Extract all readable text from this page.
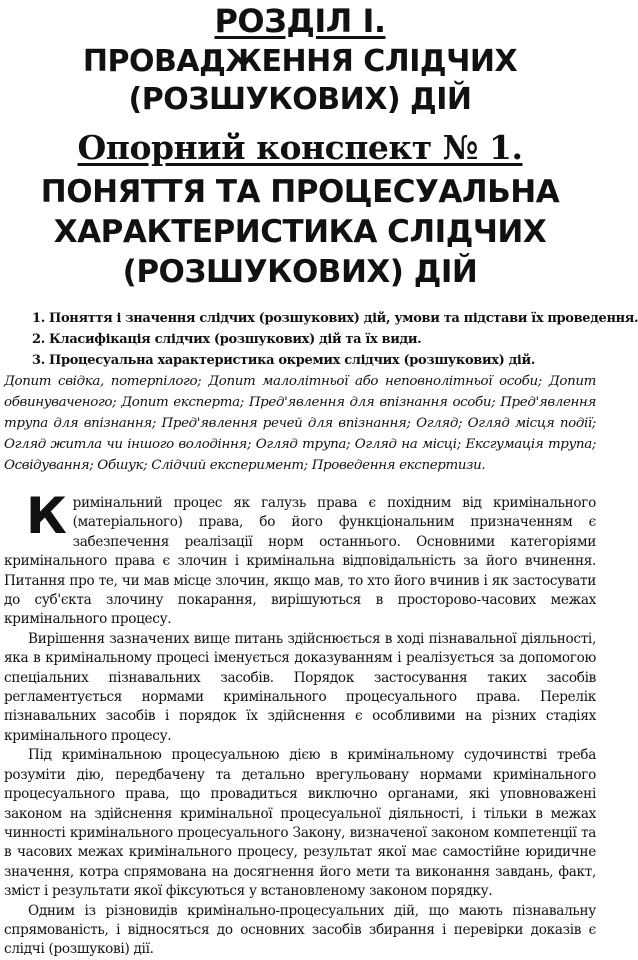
РОЗДІЛ І.
ПРОВАДЖЕННЯ СЛІДЧИХ
(РОЗШУКОВИХ) ДІЙ
Опорний конспект № 1.
ПОНЯТТЯ ТА ПРОЦЕСУАЛЬНА
ХАРАКТЕРИСТИКА СЛІДЧИХ
(РОЗШУКОВИХ) ДІЙ
1. Поняття і значення слідчих (розшукових) дій, умови та підстави їх проведення.
2. Класифікація слідчих (розшукових) дій та їх види.
3. Процесуальна характеристика окремих слідчих (розшукових) дій.

Допит свідка, потерпілого; Допит малолітньої або неповнолітньої особи; Допит обвинуваченого; Допит експерта; Пред'явлення для впізнання особи; Пред'явлення трупа для впізнання; Пред'явлення речей для впізнання; Огляд; Огляд місця події; Огляд житла чи іншого володіння; Огляд трупа; Огляд на місці; Ексгумація трупа; Освідування; Обшук; Слідчий експеримент; Проведення експертизи.

Кримінальний процес як галузь права є похідним від кримінального (матеріального) права, бо його функціональним призначенням є забезпечення реалізації норм останнього. Основними категоріями кримінального права є злочин і кримінальна відповідальність за його вчинення. Питання про те, чи мав місце злочин, якщо мав, то хто його вчинив і як застосувати до суб'єкта злочину покарання, вирішуються в просторово-часових межах кримінального процесу.

Вирішення зазначених вище питань здійснюється в ході пізнавальної діяльності, яка в кримінальному процесі іменується доказуванням і реалізується за допомогою спеціальних пізнавальних засобів. Порядок застосування таких засобів регламентується нормами кримінального процесуального права. Перелік пізнавальних засобів і порядок їх здійснення є особливими на різних стадіях кримінального процесу.

Під кримінальною процесуальною дією в кримінальному судочинстві треба розуміти дію, передбачену та детально врегульовану нормами кримінального процесуального права, що провадиться виключно органами, які уповноважені законом на здійснення кримінальної процесуальної діяльності, і тільки в межах чинності кримінального процесуального Закону, визначеної законом компетенції та в часових межах кримінального процесу, результат якої має самостійне юридичне значення, котра спрямована на досягнення його мети та виконання завдань, факт, зміст і результати якої фіксуються у встановленому законом порядку.

Одним із різновидів кримінально-процесуальних дій, що мають пізнавальну спрямованість, і відносяться до основних засобів збирання і перевірки доказів є слідчі (розшукові) дії.
